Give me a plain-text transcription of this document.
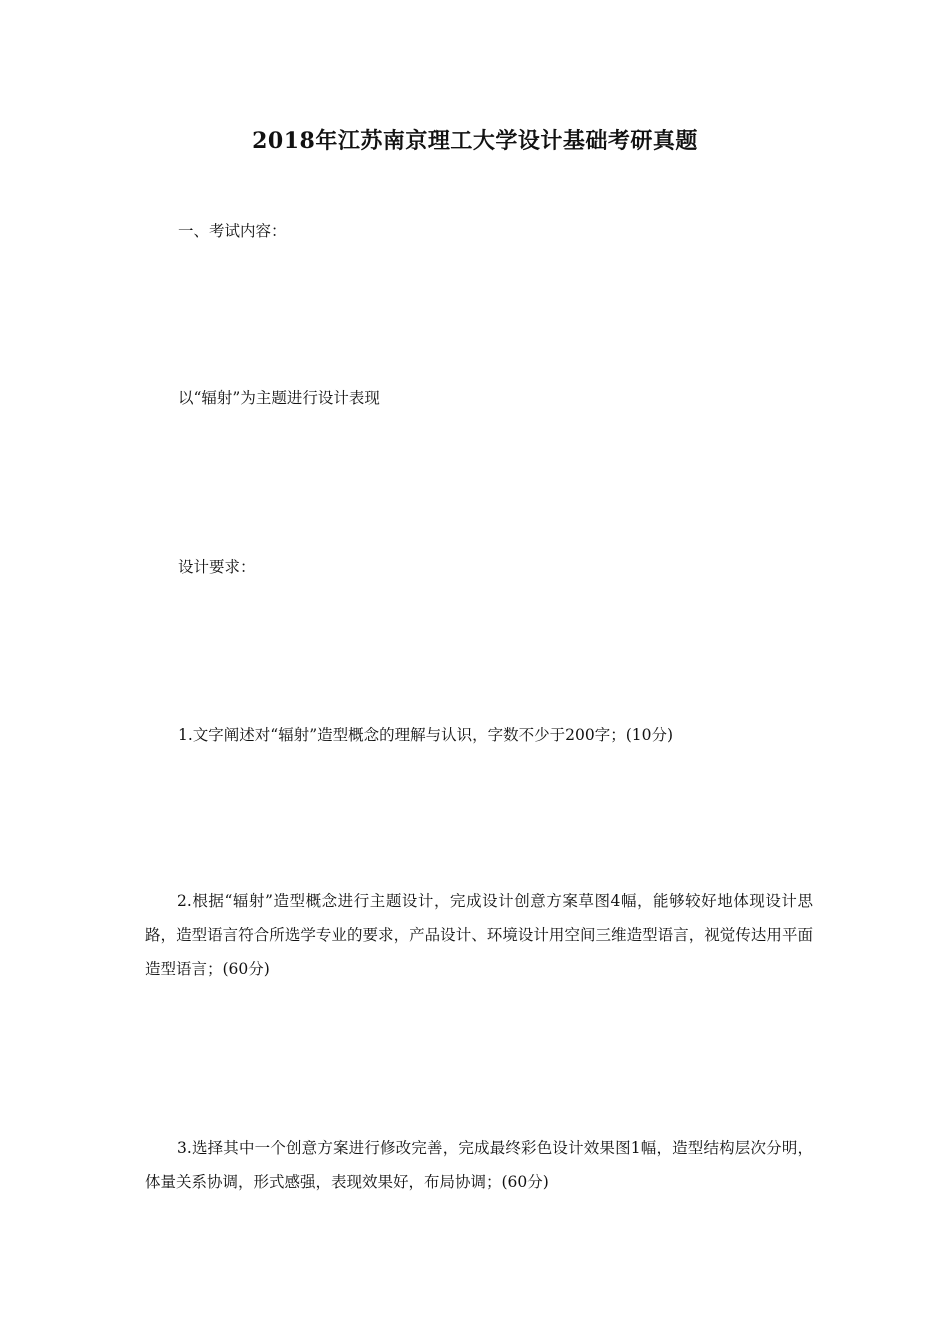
2018年江苏南京理工大学设计基础考研真题

一、考试内容：

以“辐射”为主题进行设计表现

设计要求：

1.文字阐述对“辐射”造型概念的理解与认识，字数不少于200字；(10分)

2.根据“辐射”造型概念进行主题设计，完成设计创意方案草图4幅，能够较好地体现设计思路，造型语言符合所选学专业的要求，产品设计、环境设计用空间三维造型语言，视觉传达用平面造型语言；(60分)

3.选择其中一个创意方案进行修改完善，完成最终彩色设计效果图1幅，造型结构层次分明，体量关系协调，形式感强，表现效果好，布局协调；(60分)
